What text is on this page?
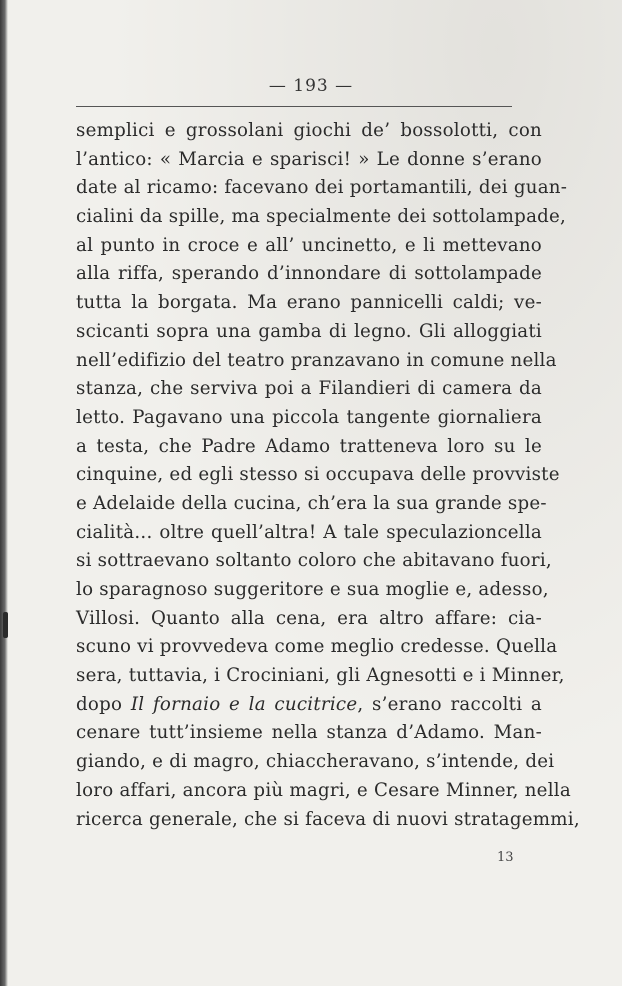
— 193 —
semplici e grossolani giochi de’ bossolotti, con
l’antico: « Marcia e sparisci! » Le donne s’erano
date al ricamo: facevano dei portamantili, dei guan-
cialini da spille, ma specialmente dei sottolampade,
al punto in croce e all’ uncinetto, e li mettevano
alla riffa, sperando d’innondare di sottolampade
tutta la borgata. Ma erano pannicelli caldi; ve-
scicanti sopra una gamba di legno. Gli alloggiati
nell’edifizio del teatro pranzavano in comune nella
stanza, che serviva poi a Filandieri di camera da
letto. Pagavano una piccola tangente giornaliera
a testa, che Padre Adamo tratteneva loro su le
cinquine, ed egli stesso si occupava delle provviste
e Adelaide della cucina, ch’era la sua grande spe-
cialità... oltre quell’altra! A tale speculazioncella
si sottraevano soltanto coloro che abitavano fuori,
lo sparagnoso suggeritore e sua moglie e, adesso,
Villosi. Quanto alla cena, era altro affare: cia-
scuno vi provvedeva come meglio credesse. Quella
sera, tuttavia, i Crociniani, gli Agnesotti e i Minner,
dopo Il fornaio e la cucitrice, s’erano raccolti a
cenare tutt’insieme nella stanza d’Adamo. Man-
giando, e di magro, chiaccheravano, s’intende, dei
loro affari, ancora più magri, e Cesare Minner, nella
ricerca generale, che si faceva di nuovi stratagemmi,
13
